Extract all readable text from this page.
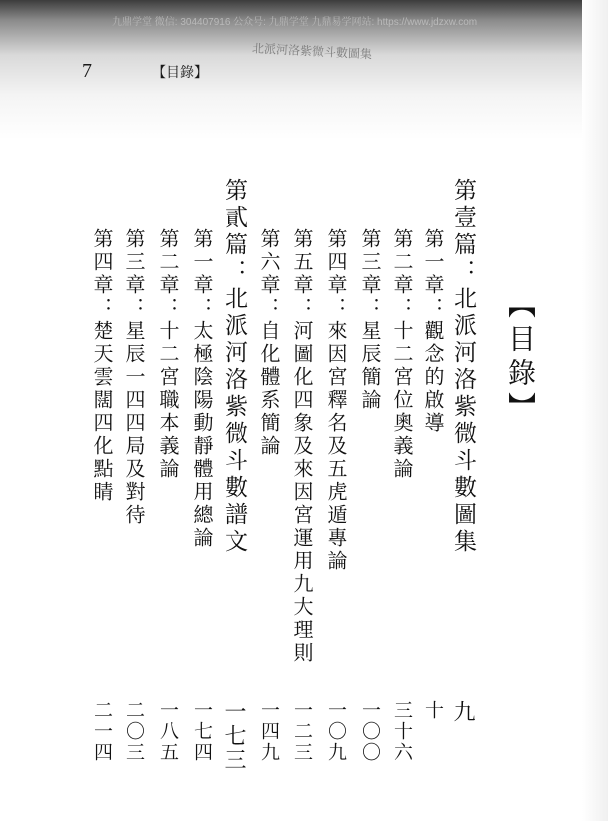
九鼎学堂 微信: 304407916 公众号: 九鼎学堂 九鼎易学网站: https://www.jdzxw.com
北派河洛紫微斗數圖集
7	【目錄】
【目錄】
第壹篇：北派河洛紫微斗數圖集
第一章：觀念的啟導
第二章：十二宮位奧義論
第三章：星辰簡論
第四章：來因宮釋名及五虎遁專論
第五章：河圖化四象及來因宮運用九大理則
第六章：自化體系簡論
第貳篇：北派河洛紫微斗數譜文
第一章：太極陰陽動靜體用總論
第二章：十二宮職本義論
第三章：星辰一四四局及對待
第四章：楚天雲闊四化點睛
九
十
三十六
一〇〇
一〇九
一二三
一四九
一七三
一七四
一八五
二〇三
二一四
